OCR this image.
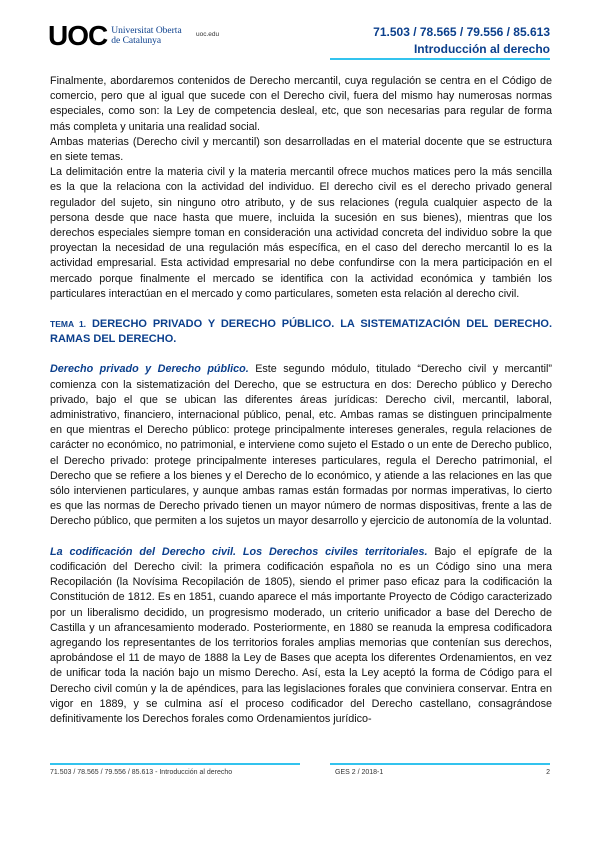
UOC Universitat Oberta
de Catalunya
uoc.edu	71.503 / 78.565 / 79.556 / 85.613
Introducción al derecho

Finalmente, abordaremos contenidos de Derecho mercantil, cuya regulación se centra en el Código de comercio, pero que al igual que sucede con el Derecho civil, fuera del mismo hay numerosas normas especiales, como son: la Ley de competencia desleal, etc, que son necesarias para regular de forma más completa y unitaria una realidad social.

Ambas materias (Derecho civil y mercantil) son desarrolladas en el material docente que se estructura en siete temas.

La delimitación entre la materia civil y la materia mercantil ofrece muchos matices pero la más sencilla es la que la relaciona con la actividad del individuo. El derecho civil es el derecho privado general regulador del sujeto, sin ninguno otro atributo, y de sus relaciones (regula cualquier aspecto de la persona desde que nace hasta que muere, incluida la sucesión en sus bienes), mientras que los derechos especiales siempre toman en consideración una actividad concreta del individuo sobre la que proyectan la necesidad de una regulación más específica, en el caso del derecho mercantil lo es la actividad empresarial. Esta actividad empresarial no debe confundirse con la mera participación en el mercado porque finalmente el mercado se identifica con la actividad económica y también los particulares interactúan en el mercado y como particulares, someten esta relación al derecho civil.

TEMA 1. DERECHO PRIVADO Y DERECHO PÚBLICO. LA SISTEMATIZACIÓN DEL DERECHO. RAMAS DEL DERECHO.

Derecho privado y Derecho público. Este segundo módulo, titulado “Derecho civil y mercantil” comienza con la sistematización del Derecho, que se estructura en dos: Derecho público y Derecho privado, bajo el que se ubican las diferentes áreas jurídicas: Derecho civil, mercantil, laboral, administrativo, financiero, internacional público, penal, etc. Ambas ramas se distinguen principalmente en que mientras el Derecho público: protege principalmente intereses generales, regula relaciones de carácter no económico, no patrimonial, e interviene como sujeto el Estado o un ente de Derecho publico, el Derecho privado: protege principalmente intereses particulares, regula el Derecho patrimonial, el Derecho que se refiere a los bienes y el Derecho de lo económico, y atiende a las relaciones en las que sólo intervienen particulares, y aunque ambas ramas están formadas por normas imperativas, lo cierto es que las normas de Derecho privado tienen un mayor número de normas dispositivas, frente a las de Derecho público, que permiten a los sujetos un mayor desarrollo y ejercicio de autonomía de la voluntad.

La codificación del Derecho civil. Los Derechos civiles territoriales. Bajo el epígrafe de la codificación del Derecho civil: la primera codificación española no es un Código sino una mera Recopilación (la Novísima Recopilación de 1805), siendo el primer paso eficaz para la codificación la Constitución de 1812. Es en 1851, cuando aparece el más importante Proyecto de Código caracterizado por un liberalismo decidido, un progresismo moderado, un criterio unificador a base del Derecho de Castilla y un afrancesamiento moderado. Posteriormente, en 1880 se reanuda la empresa codificadora agregando los representantes de los territorios forales amplias memorias que contenían sus derechos, aprobándose el 11 de mayo de 1888 la Ley de Bases que acepta los diferentes Ordenamientos, en vez de unificar toda la nación bajo un mismo Derecho. Así, esta la Ley aceptó la forma de Código para el Derecho civil común y la de apéndices, para las legislaciones forales que conviniera conservar. Entra en vigor en 1889, y se culmina así el proceso codificador del Derecho castellano, consagrándose definitivamente los Derechos forales como Ordenamientos jurídico-

71.503 / 78.565 / 79.556 / 85.613 - Introducción al derecho	GES 2 / 2018-1	2
